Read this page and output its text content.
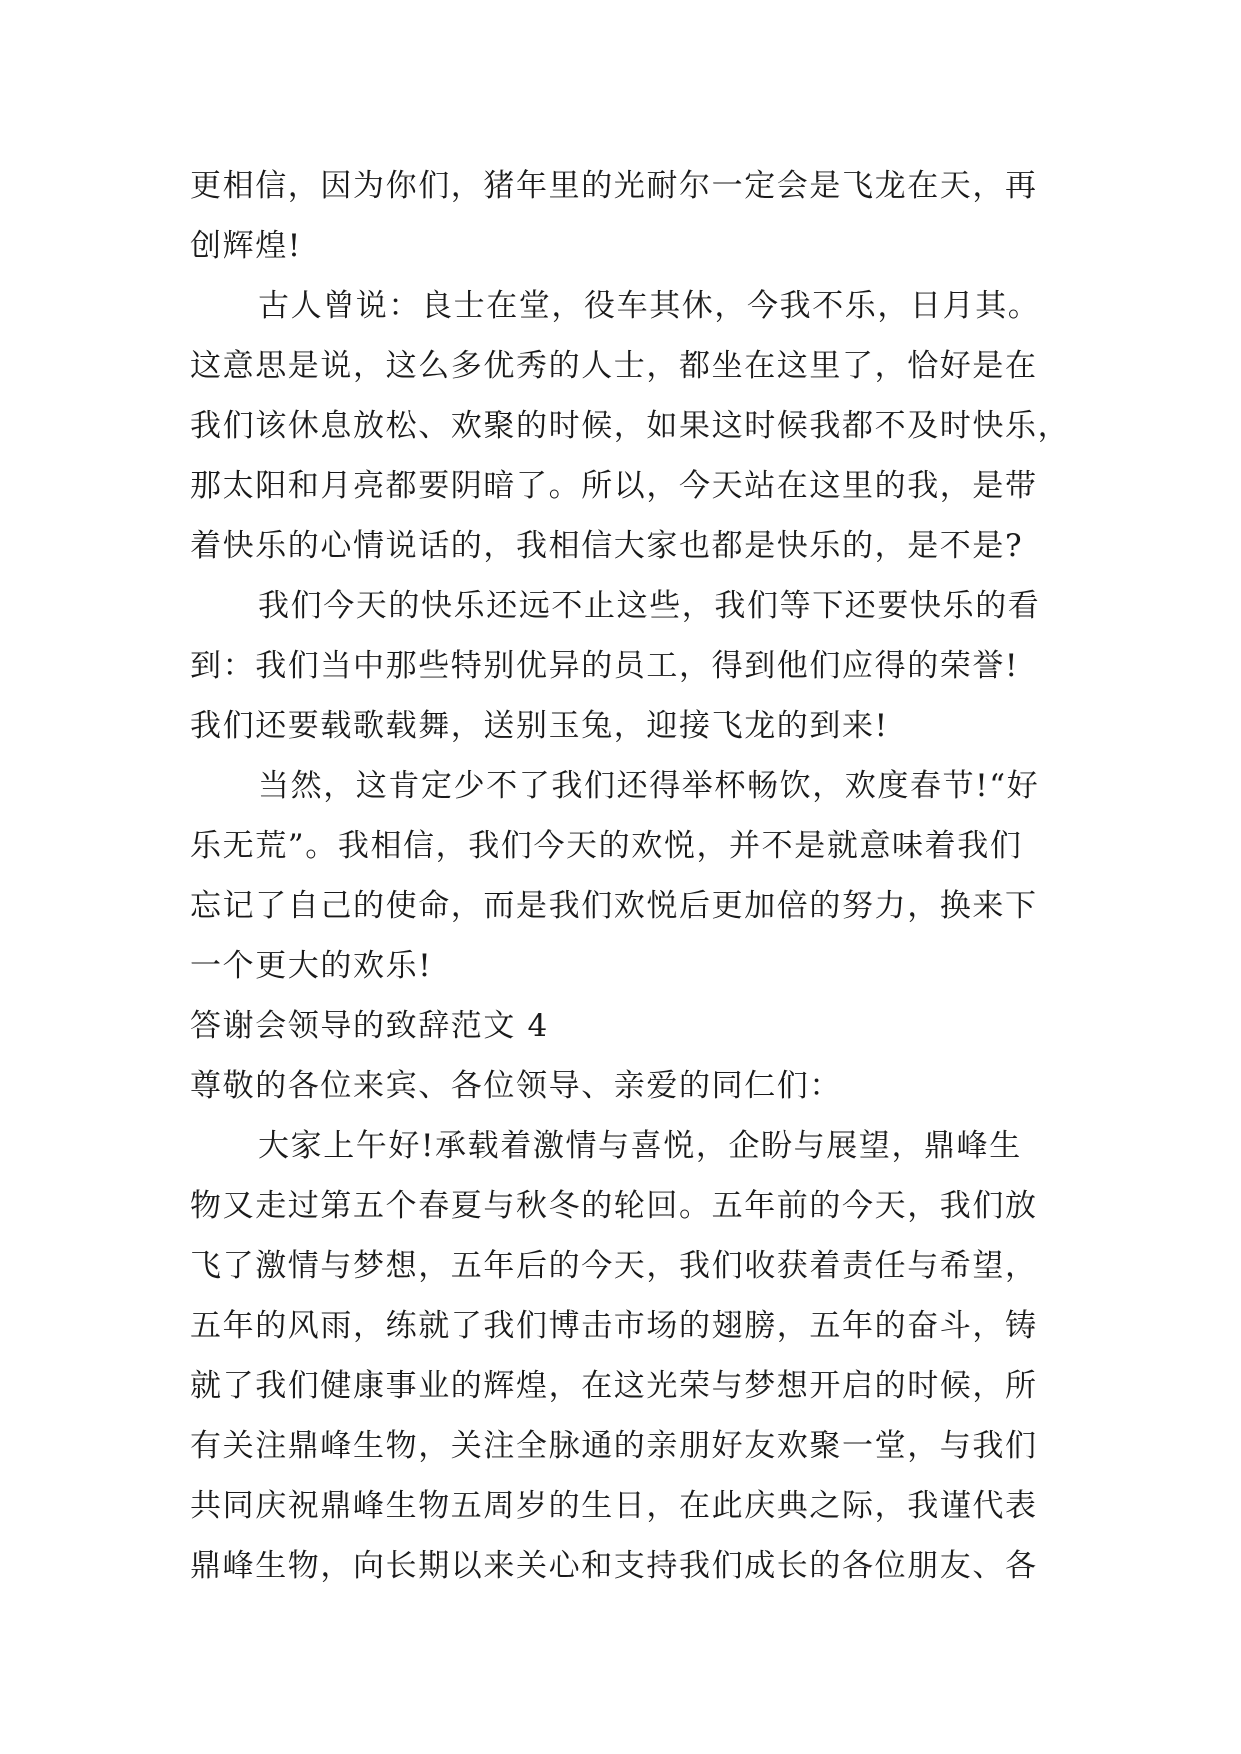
更相信，因为你们，猪年里的光耐尔一定会是飞龙在天，再
创辉煌!
古人曾说：良士在堂，役车其休，今我不乐，日月其。
这意思是说，这么多优秀的人士，都坐在这里了，恰好是在
我们该休息放松、欢聚的时候，如果这时候我都不及时快乐，
那太阳和月亮都要阴暗了。所以，今天站在这里的我，是带
着快乐的心情说话的，我相信大家也都是快乐的，是不是?
我们今天的快乐还远不止这些，我们等下还要快乐的看
到：我们当中那些特别优异的员工，得到他们应得的荣誉!
我们还要载歌载舞，送别玉兔，迎接飞龙的到来!
当然，这肯定少不了我们还得举杯畅饮，欢度春节!“好
乐无荒”。我相信，我们今天的欢悦，并不是就意味着我们
忘记了自己的使命，而是我们欢悦后更加倍的努力，换来下
一个更大的欢乐!
答谢会领导的致辞范文 4
尊敬的各位来宾、各位领导、亲爱的同仁们：
大家上午好!承载着激情与喜悦，企盼与展望，鼎峰生
物又走过第五个春夏与秋冬的轮回。五年前的今天，我们放
飞了激情与梦想，五年后的今天，我们收获着责任与希望，
五年的风雨，练就了我们博击市场的翅膀，五年的奋斗，铸
就了我们健康事业的辉煌，在这光荣与梦想开启的时候，所
有关注鼎峰生物，关注全脉通的亲朋好友欢聚一堂，与我们
共同庆祝鼎峰生物五周岁的生日，在此庆典之际，我谨代表
鼎峰生物，向长期以来关心和支持我们成长的各位朋友、各
